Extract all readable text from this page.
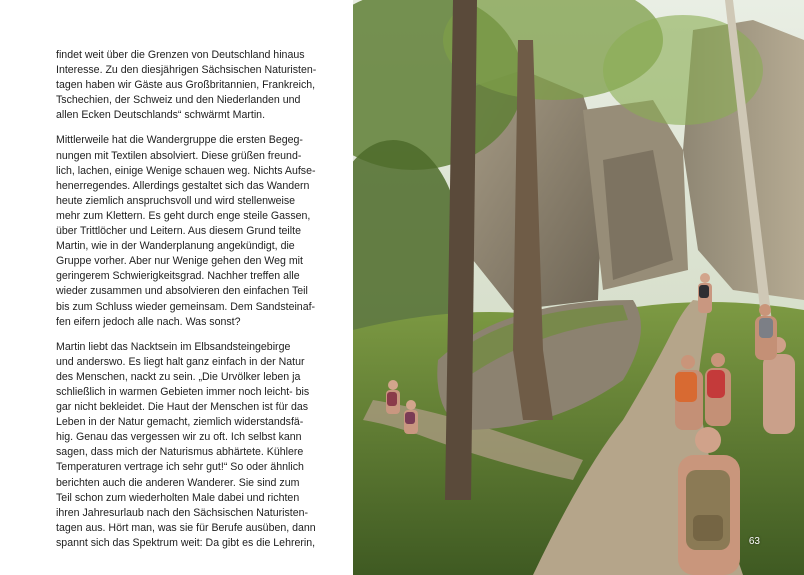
findet weit über die Grenzen von Deutschland hinaus
Interesse. Zu den diesjährigen Sächsischen Naturisten-
tagen haben wir Gäste aus Großbritannien, Frankreich,
Tschechien, der Schweiz und den Niederlanden und
allen Ecken Deutschlands“ schwärmt Martin.

Mittlerweile hat die Wandergruppe die ersten Begeg-
nungen mit Textilen absolviert. Diese grüßen freund-
lich, lachen, einige Wenige schauen weg. Nichts Aufse-
henerregendes. Allerdings gestaltet sich das Wandern
heute ziemlich anspruchsvoll und wird stellenweise
mehr zum Klettern. Es geht durch enge steile Gassen,
über Trittlöcher und Leitern. Aus diesem Grund teilte
Martin, wie in der Wanderplanung angekündigt, die
Gruppe vorher. Aber nur Wenige gehen den Weg mit
geringerem Schwierigkeitsgrad. Nachher treffen alle
wieder zusammen und absolvieren den einfachen Teil
bis zum Schluss wieder gemeinsam. Dem Sandsteinaf-
fen eifern jedoch alle nach. Was sonst?

Martin liebt das Nacktsein im Elbsandsteingebirge
und anderswo. Es liegt halt ganz einfach in der Natur
des Menschen, nackt zu sein. „Die Urvölker leben ja
schließlich in warmen Gebieten immer noch leicht- bis
gar nicht bekleidet. Die Haut der Menschen ist für das
Leben in der Natur gemacht, ziemlich widerstandsfä-
hig. Genau das vergessen wir zu oft. Ich selbst kann
sagen, dass mich der Naturismus abhärtete. Kühlere
Temperaturen vertrage ich sehr gut!“ So oder ähnlich
berichten auch die anderen Wanderer. Sie sind zum
Teil schon zum wiederholten Male dabei und richten
ihren Jahresurlaub nach den Sächsischen Naturisten-
tagen aus. Hört man, was sie für Berufe ausüben, dann
spannt sich das Spektrum weit: Da gibt es die Lehrerin,	63
